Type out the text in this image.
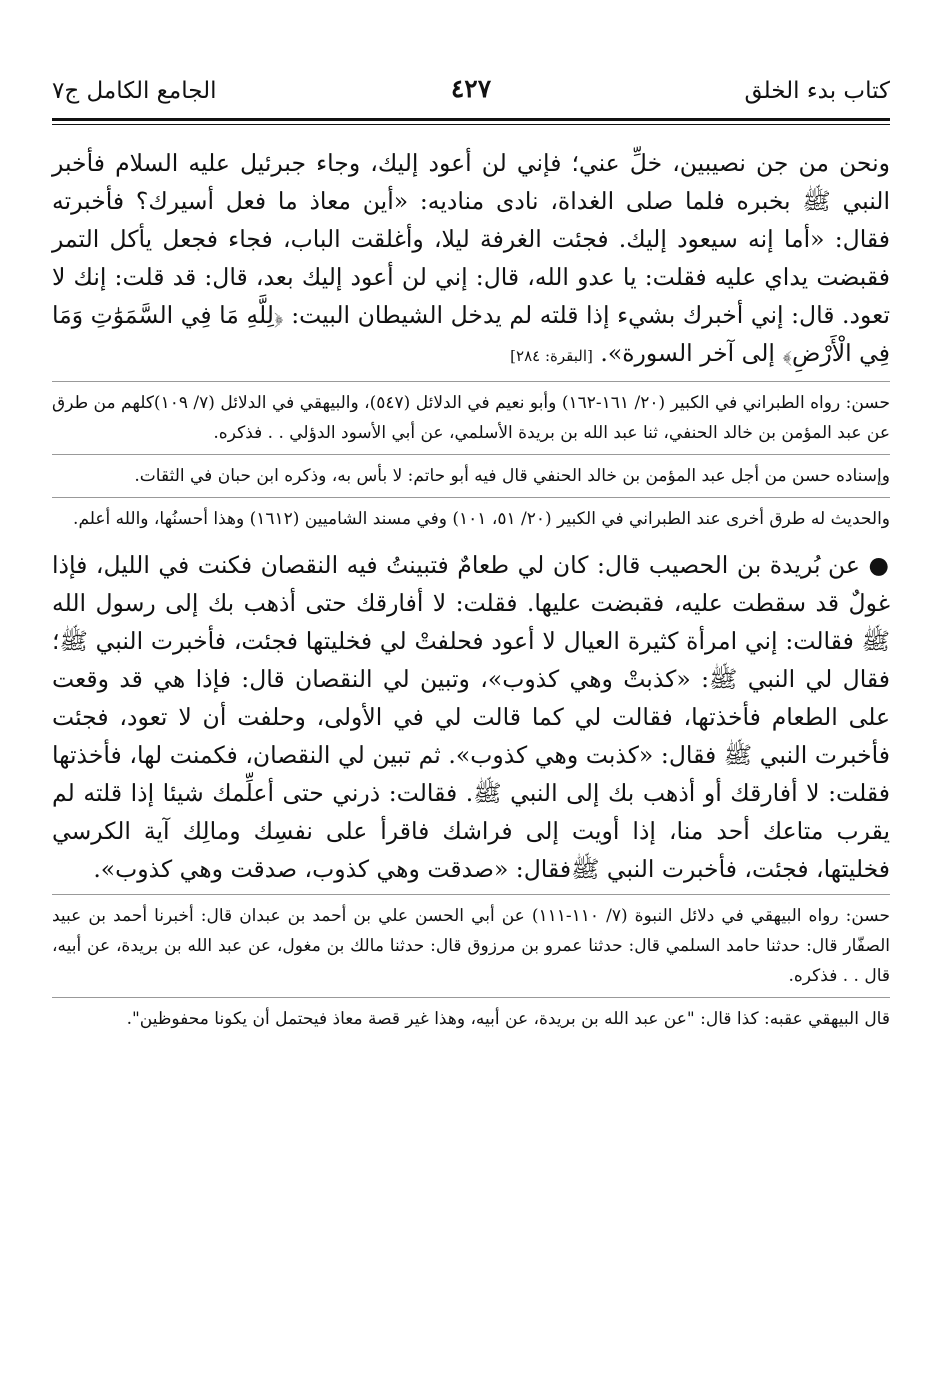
كتاب بدء الخلق
٤٢٧
الجامع الكامل ج٧

ونحن من جن نصيبين، خلِّ عني؛ فإني لن أعود إليك، وجاء جبرئيل عليه السلام فأخبر النبي ﷺ بخبره فلما صلى الغداة، نادى مناديه: «أين معاذ ما فعل أسيرك؟ فأخبرته فقال: «أما إنه سيعود إليك. فجئت الغرفة ليلا، وأغلقت الباب، فجاء فجعل يأكل التمر فقبضت يداي عليه فقلت: يا عدو الله، قال: إني لن أعود إليك بعد، قال: قد قلت: إنك لا تعود. قال: إني أخبرك بشيء إذا قلته لم يدخل الشيطان البيت: ﴿لِلَّهِ مَا فِي السَّمَوَٰتِ وَمَا فِي الْأَرْضِ﴾ إلى آخر السورة». [البقرة: ٢٨٤]

حسن: رواه الطبراني في الكبير (٢٠/ ١٦١-١٦٢) وأبو نعيم في الدلائل (٥٤٧)، والبيهقي في الدلائل (٧/ ١٠٩)كلهم من طرق عن عبد المؤمن بن خالد الحنفي، ثنا عبد الله بن بريدة الأسلمي، عن أبي الأسود الدؤلي . . فذكره.

وإسناده حسن من أجل عبد المؤمن بن خالد الحنفي قال فيه أبو حاتم: لا بأس به، وذكره ابن حبان في الثقات.

والحديث له طرق أخرى عند الطبراني في الكبير (٢٠/ ٥١، ١٠١) وفي مسند الشاميين (١٦١٢) وهذا أحسنُها، والله أعلم.

● عن بُريدة بن الحصيب قال: كان لي طعامٌ فتبينتُ فيه النقصان فكنت في الليل، فإذا غولٌ قد سقطت عليه، فقبضت عليها. فقلت: لا أفارقك حتى أذهب بك إلى رسول الله ﷺ فقالت: إني امرأة كثيرة العيال لا أعود فحلفتْ لي فخليتها فجئت، فأخبرت النبي ﷺ؛ فقال لي النبي ﷺ: «كذبتْ وهي كذوب»، وتبين لي النقصان قال: فإذا هي قد وقعت على الطعام فأخذتها، فقالت لي كما قالت لي في الأولى، وحلفت أن لا تعود، فجئت فأخبرت النبي ﷺ فقال: «كذبت وهي كذوب». ثم تبين لي النقصان، فكمنت لها، فأخذتها فقلت: لا أفارقك أو أذهب بك إلى النبي ﷺ. فقالت: ذرني حتى أعلِّمك شيئا إذا قلته لم يقرب متاعك أحد منا، إذا أويت إلى فراشك فاقرأ على نفسِك ومالِك آية الكرسي فخليتها، فجئت، فأخبرت النبي ﷺفقال: «صدقت وهي كذوب، صدقت وهي كذوب».

حسن: رواه البيهقي في دلائل النبوة (٧/ ١١٠-١١١) عن أبي الحسن علي بن أحمد بن عبدان قال: أخبرنا أحمد بن عبيد الصفّار قال: حدثنا حامد السلمي قال: حدثنا عمرو بن مرزوق قال: حدثنا مالك بن مغول، عن عبد الله بن بريدة، عن أبيه، قال . . فذكره.

قال البيهقي عقبه: كذا قال: "عن عبد الله بن بريدة، عن أبيه، وهذا غير قصة معاذ فيحتمل أن يكونا محفوظين".
